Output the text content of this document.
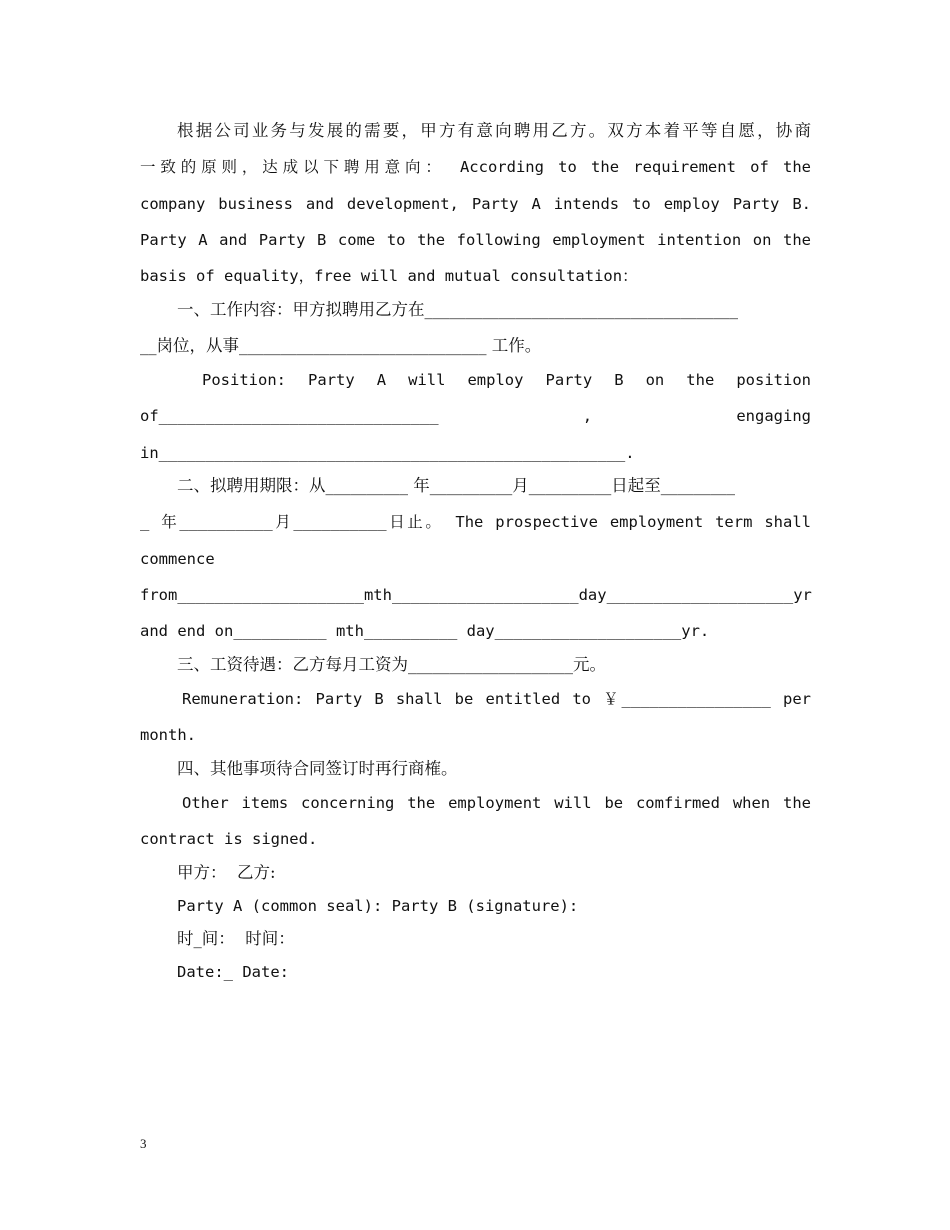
根据公司业务与发展的需要，甲方有意向聘用乙方。双方本着平等自愿，协商
一致的原则，达成以下聘用意向： According to the requirement of the
company business and development, Party A intends to employ Party B.
Party A and Party B come to the following employment intention on the
basis of equality，free will and mutual consultation：
一、工作内容：甲方拟聘用乙方在______________________________________
__岗位，从事______________________________ 工作。
Position: Party A will employ Party B on the position
of______________________________ , engaging
in__________________________________________________.
二、拟聘用期限：从__________ 年__________月__________日起至_________
_ 年__________月__________日止。 The prospective employment term shall
commence
from____________________mth____________________day____________________yr
and end on__________ mth__________ day____________________yr.
三、工资待遇：乙方每月工资为____________________元。
Remuneration: Party B shall be entitled to ￥________________ per
month.
四、其他事项待合同签订时再行商榷。
Other items concerning the employment will be comfirmed when the
contract is signed.
甲方：  乙方:
Party A (common seal): Party B (signature):
时_间：  时间：
Date:_ Date:
3
